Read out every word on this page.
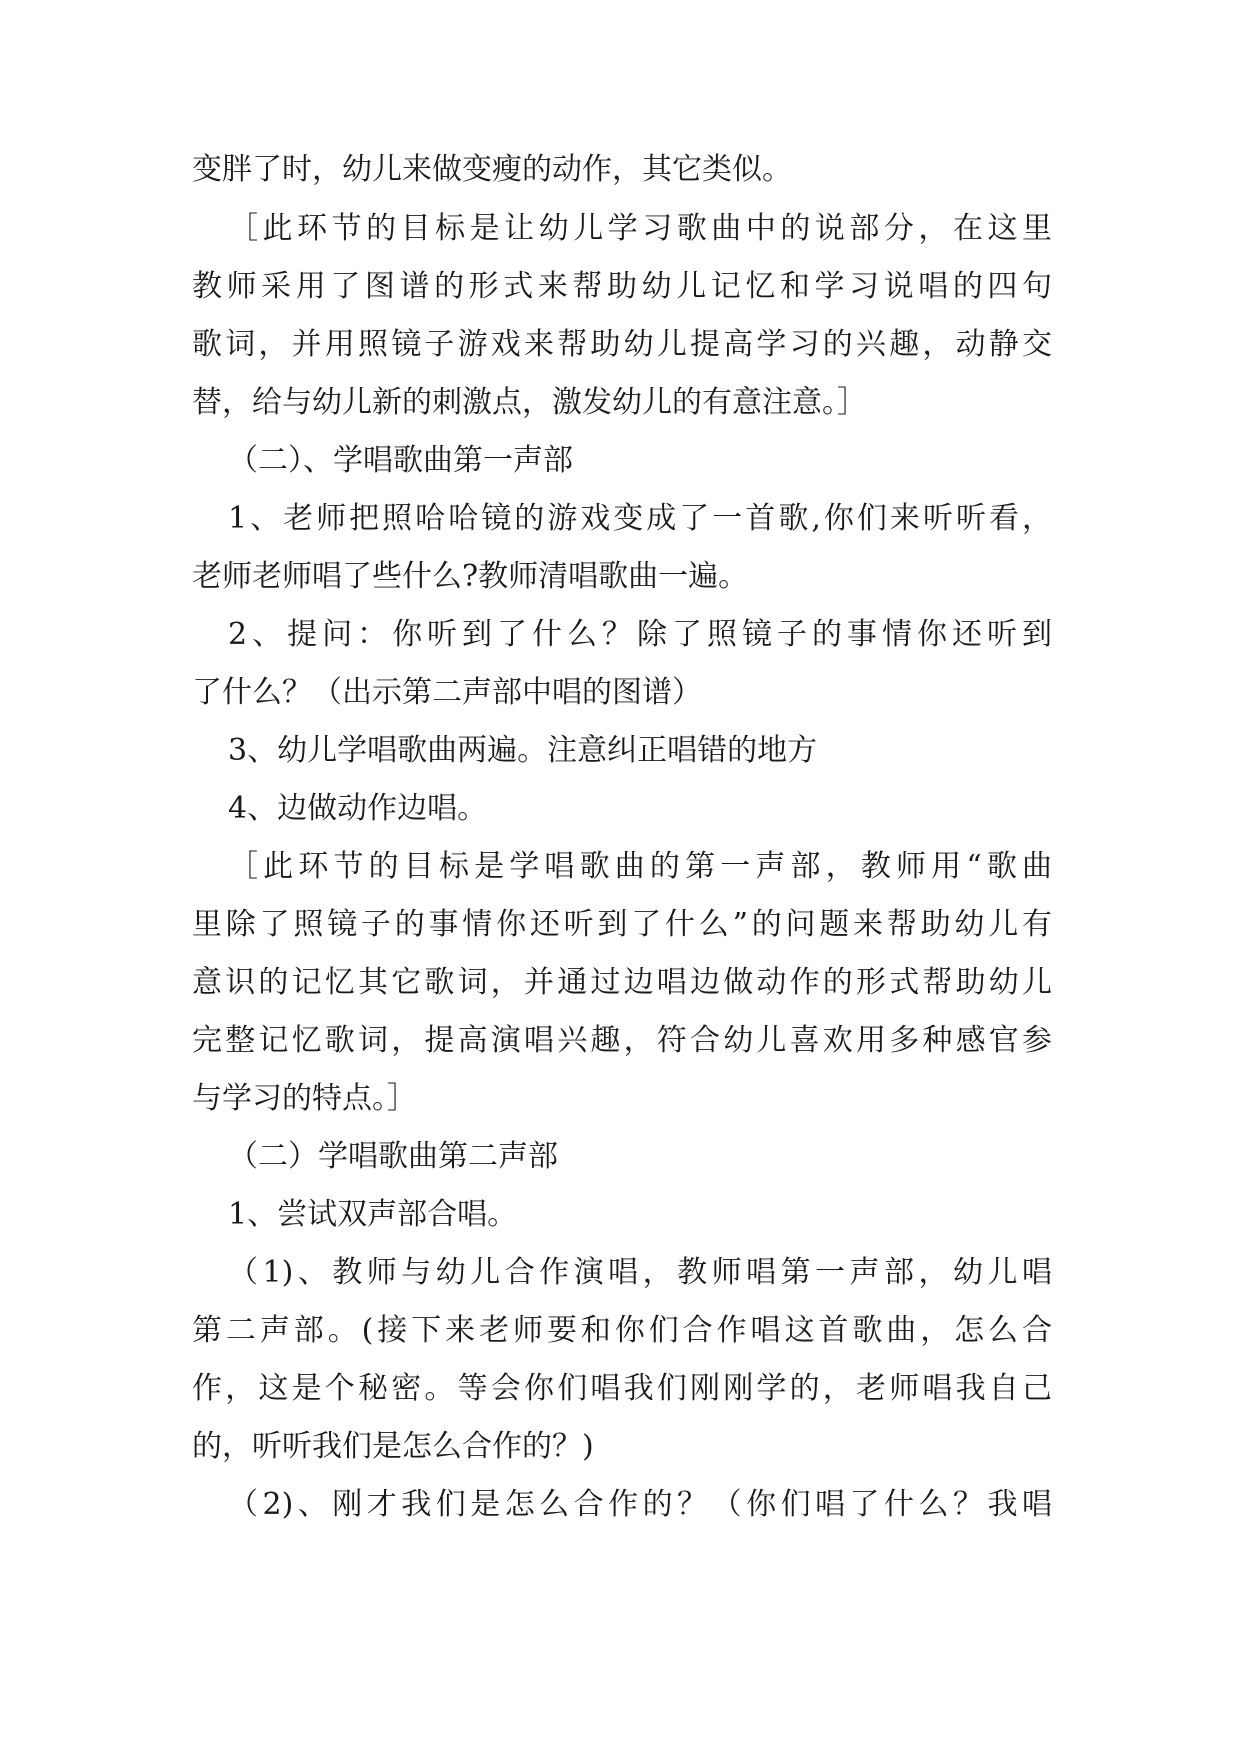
变胖了时，幼儿来做变瘦的动作，其它类似。
［此环节的目标是让幼儿学习歌曲中的说部分，在这里
教师采用了图谱的形式来帮助幼儿记忆和学习说唱的四句
歌词，并用照镜子游戏来帮助幼儿提高学习的兴趣，动静交
替，给与幼儿新的刺激点，激发幼儿的有意注意。］
（二）、学唱歌曲第一声部
1、老师把照哈哈镜的游戏变成了一首歌,你们来听听看，
老师老师唱了些什么?教师清唱歌曲一遍。
2、提问：你听到了什么？除了照镜子的事情你还听到
了什么？（出示第二声部中唱的图谱）
3、幼儿学唱歌曲两遍。注意纠正唱错的地方
4、边做动作边唱。
［此环节的目标是学唱歌曲的第一声部，教师用“歌曲
里除了照镜子的事情你还听到了什么”的问题来帮助幼儿有
意识的记忆其它歌词，并通过边唱边做动作的形式帮助幼儿
完整记忆歌词，提高演唱兴趣，符合幼儿喜欢用多种感官参
与学习的特点。］
（二）学唱歌曲第二声部
1、尝试双声部合唱。
（1)、教师与幼儿合作演唱，教师唱第一声部，幼儿唱
第二声部。(接下来老师要和你们合作唱这首歌曲，怎么合
作，这是个秘密。等会你们唱我们刚刚学的，老师唱我自己
的，听听我们是怎么合作的？)
（2)、刚才我们是怎么合作的？（你们唱了什么？我唱
